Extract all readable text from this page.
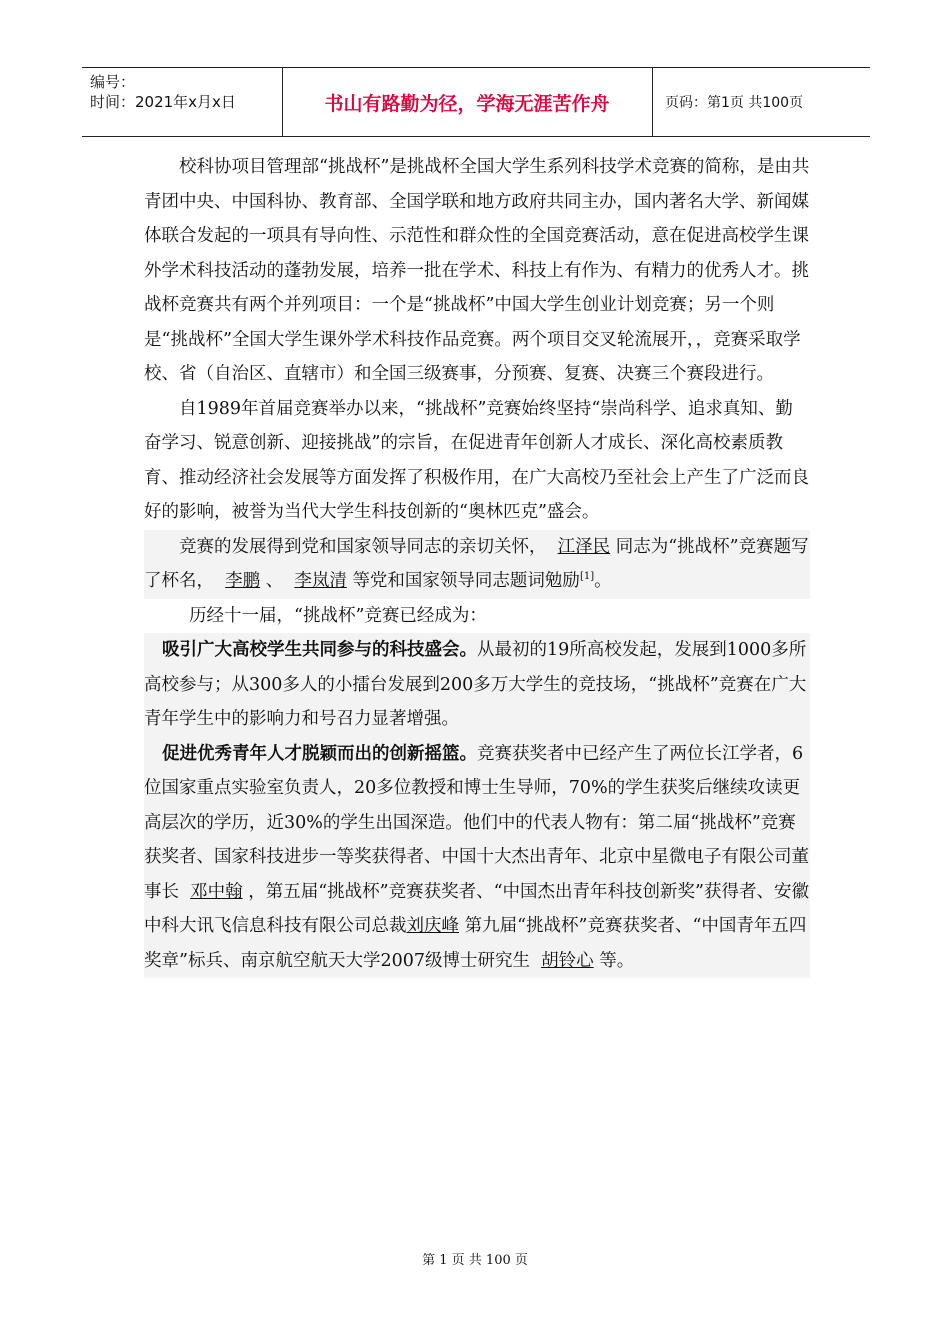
编号：
时间：2021年x月x日	书山有路勤为径，学海无涯苦作舟	页码：第1页 共100页

校科协项目管理部“挑战杯”是挑战杯全国大学生系列科技学术竞赛的简称，是由共青团中央、中国科协、教育部、全国学联和地方政府共同主办，国内著名大学、新闻媒体联合发起的一项具有导向性、示范性和群众性的全国竞赛活动，意在促进高校学生课外学术科技活动的蓬勃发展，培养一批在学术、科技上有作为、有精力的优秀人才。挑战杯竞赛共有两个并列项目：一个是“挑战杯”中国大学生创业计划竞赛；另一个则是“挑战杯”全国大学生课外学术科技作品竞赛。两个项目交叉轮流展开，，竞赛采取学校、省（自治区、直辖市）和全国三级赛事，分预赛、复赛、决赛三个赛段进行。

自1989年首届竞赛举办以来，“挑战杯”竞赛始终坚持“崇尚科学、追求真知、勤奋学习、锐意创新、迎接挑战”的宗旨，在促进青年创新人才成长、深化高校素质教育、推动经济社会发展等方面发挥了积极作用，在广大高校乃至社会上产生了广泛而良好的影响，被誉为当代大学生科技创新的“奥林匹克”盛会。

竞赛的发展得到党和国家领导同志的亲切关怀， 江泽民 同志为“挑战杯”竞赛题写了杯名， 李鹏 、 李岚清 等党和国家领导同志题词勉励[1]。

历经十一届，“挑战杯”竞赛已经成为：

吸引广大高校学生共同参与的科技盛会。从最初的19所高校发起，发展到1000多所高校参与；从300多人的小擂台发展到200多万大学生的竞技场，“挑战杯”竞赛在广大青年学生中的影响力和号召力显著增强。

促进优秀青年人才脱颖而出的创新摇篮。竞赛获奖者中已经产生了两位长江学者，6位国家重点实验室负责人，20多位教授和博士生导师，70%的学生获奖后继续攻读更高层次的学历，近30%的学生出国深造。他们中的代表人物有：第二届“挑战杯”竞赛获奖者、国家科技进步一等奖获得者、中国十大杰出青年、北京中星微电子有限公司董事长 邓中翰 ，第五届“挑战杯”竞赛获奖者、“中国杰出青年科技创新奖”获得者、安徽中科大讯飞信息科技有限公司总裁刘庆峰 第九届“挑战杯”竞赛获奖者、“中国青年五四奖章”标兵、南京航空航天大学2007级博士研究生 胡铃心 等。

第 1 页 共 100 页
